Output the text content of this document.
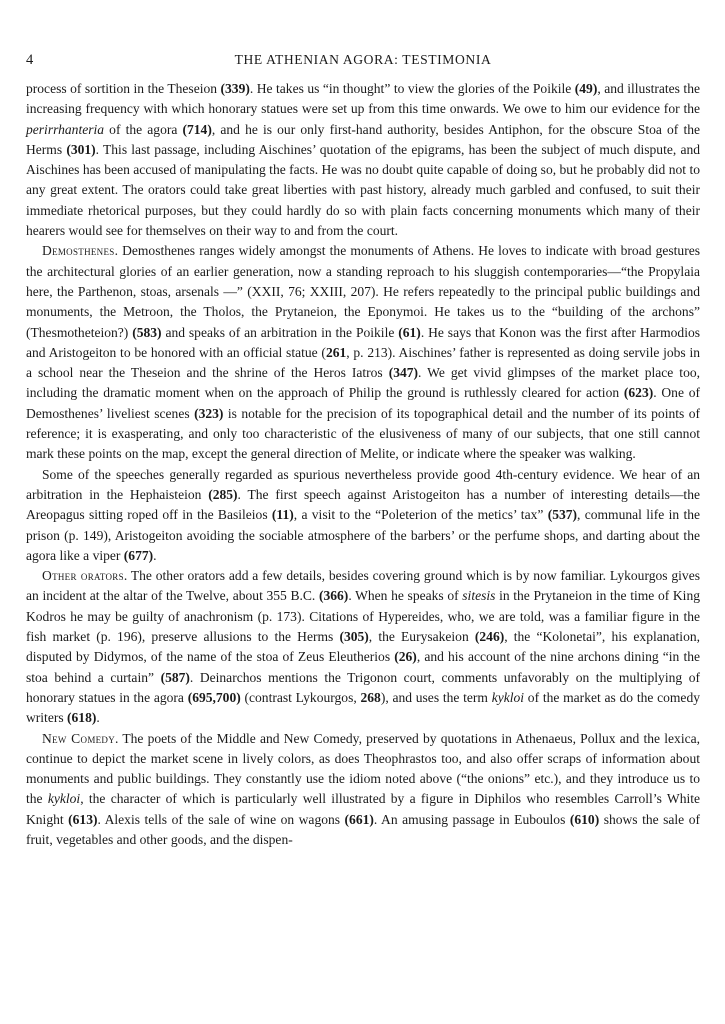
4	THE ATHENIAN AGORA: TESTIMONIA

process of sortition in the Theseion (339). He takes us “in thought” to view the glories of the Poikile (49), and illustrates the increasing frequency with which honorary statues were set up from this time onwards. We owe to him our evidence for the perirrhanteria of the agora (714), and he is our only first-hand authority, besides Antiphon, for the obscure Stoa of the Herms (301). This last passage, including Aischines’ quotation of the epigrams, has been the subject of much dispute, and Aischines has been accused of manipulating the facts. He was no doubt quite capable of doing so, but he probably did not to any great extent. The orators could take great liberties with past history, already much garbled and confused, to suit their immediate rhetorical purposes, but they could hardly do so with plain facts concerning monuments which many of their hearers would see for themselves on their way to and from the court.

Demosthenes. Demosthenes ranges widely amongst the monuments of Athens. He loves to indicate with broad gestures the architectural glories of an earlier generation, now a standing reproach to his sluggish contemporaries—“the Propylaia here, the Parthenon, stoas, arsenals —” (XXII, 76; XXIII, 207). He refers repeatedly to the principal public buildings and monuments, the Metroon, the Tholos, the Prytaneion, the Eponymoi. He takes us to the “building of the archons” (Thesmotheteion?) (583) and speaks of an arbitration in the Poikile (61). He says that Konon was the first after Harmodios and Aristogeiton to be honored with an official statue (261, p. 213). Aischines’ father is represented as doing servile jobs in a school near the Theseion and the shrine of the Heros Iatros (347). We get vivid glimpses of the market place too, including the dramatic moment when on the approach of Philip the ground is ruthlessly cleared for action (623). One of Demosthenes’ liveliest scenes (323) is notable for the precision of its topographical detail and the number of its points of reference; it is exasperating, and only too characteristic of the elusiveness of many of our subjects, that one still cannot mark these points on the map, except the general direction of Melite, or indicate where the speaker was walking.

Some of the speeches generally regarded as spurious nevertheless provide good 4th-century evidence. We hear of an arbitration in the Hephaisteion (285). The first speech against Aristogeiton has a number of interesting details—the Areopagus sitting roped off in the Basileios (11), a visit to the “Poleterion of the metics’ tax” (537), communal life in the prison (p. 149), Aristogeiton avoiding the sociable atmosphere of the barbers’ or the perfume shops, and darting about the agora like a viper (677).

Other orators. The other orators add a few details, besides covering ground which is by now familiar. Lykourgos gives an incident at the altar of the Twelve, about 355 B.C. (366). When he speaks of sitesis in the Prytaneion in the time of King Kodros he may be guilty of anachronism (p. 173). Citations of Hypereides, who, we are told, was a familiar figure in the fish market (p. 196), preserve allusions to the Herms (305), the Eurysakeion (246), the “Kolonetai”, his explanation, disputed by Didymos, of the name of the stoa of Zeus Eleutherios (26), and his account of the nine archons dining “in the stoa behind a curtain” (587). Deinarchos mentions the Trigonon court, comments unfavorably on the multiplying of honorary statues in the agora (695,700) (contrast Lykourgos, 268), and uses the term kykloi of the market as do the comedy writers (618).

New Comedy. The poets of the Middle and New Comedy, preserved by quotations in Athenaeus, Pollux and the lexica, continue to depict the market scene in lively colors, as does Theophrastos too, and also offer scraps of information about monuments and public buildings. They constantly use the idiom noted above (“the onions” etc.), and they introduce us to the kykloi, the character of which is particularly well illustrated by a figure in Diphilos who resembles Carroll’s White Knight (613). Alexis tells of the sale of wine on wagons (661). An amusing passage in Euboulos (610) shows the sale of fruit, vegetables and other goods, and the dispen-
